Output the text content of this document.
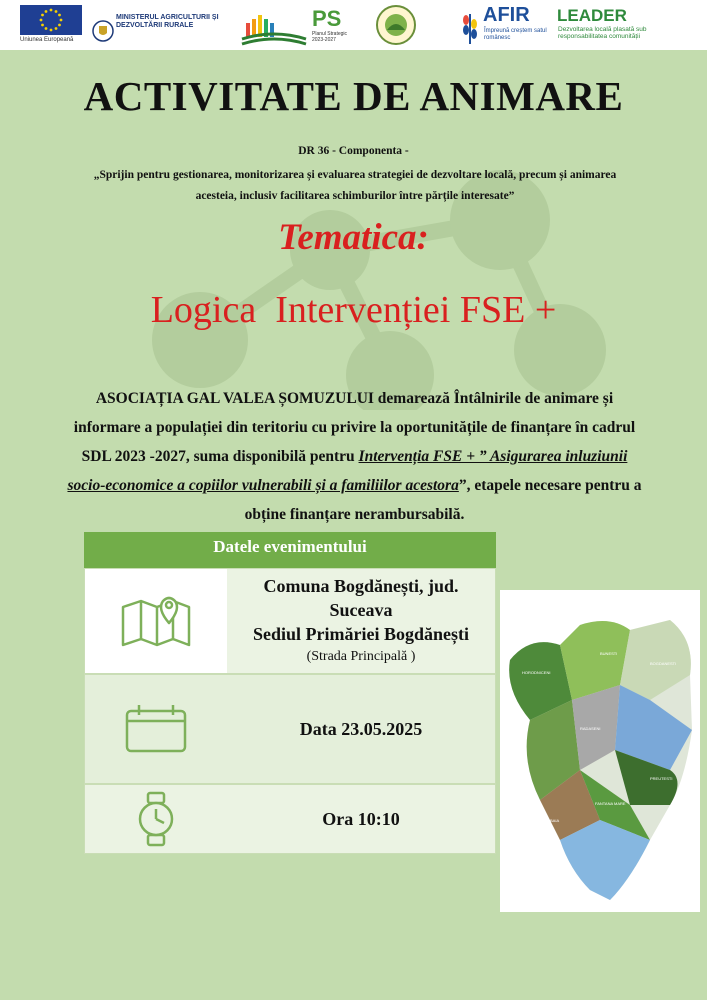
Uniunea Europeană
MINISTERUL AGRICULTURII ȘI DEZVOLTĂRII RURALE	PS
Planul Strategic 2023-2027
AFIR
Împreună creștem satul românesc
LEADER
Dezvoltarea locală plasată sub responsabilitatea comunității
ACTIVITATE DE ANIMARE
DR 36 - Componenta -
„Sprijin pentru gestionarea, monitorizarea și evaluarea strategiei de dezvoltare locală, precum și animarea acesteia, inclusiv facilitarea schimburilor între părțile interesate”
Tematica:
Logica  Intervenției FSE +
ASOCIAȚIA GAL VALEA ȘOMUZULUI demarează Întâlnirile de animare și informare a populației din teritoriu cu privire la oportunitățile de finanțare în cadrul SDL 2023 -2027, suma disponibilă pentru Intervenția FSE + ” Asigurarea inluziunii socio-economice a copiilor vulnerabili și a familiilor acestora”, etapele necesare pentru a obține finanțare nerambursabilă.
Datele evenimentului
Comuna Bogdănești, jud.
Suceava
Sediul Primăriei Bogdănești
(Strada Principală )
Data 23.05.2025
Ora 10:10
HORODNICENI
BUNESTI
BOGDANESTI
RADASENI
FANTANA MARE
BAIA
PREUTESTI
